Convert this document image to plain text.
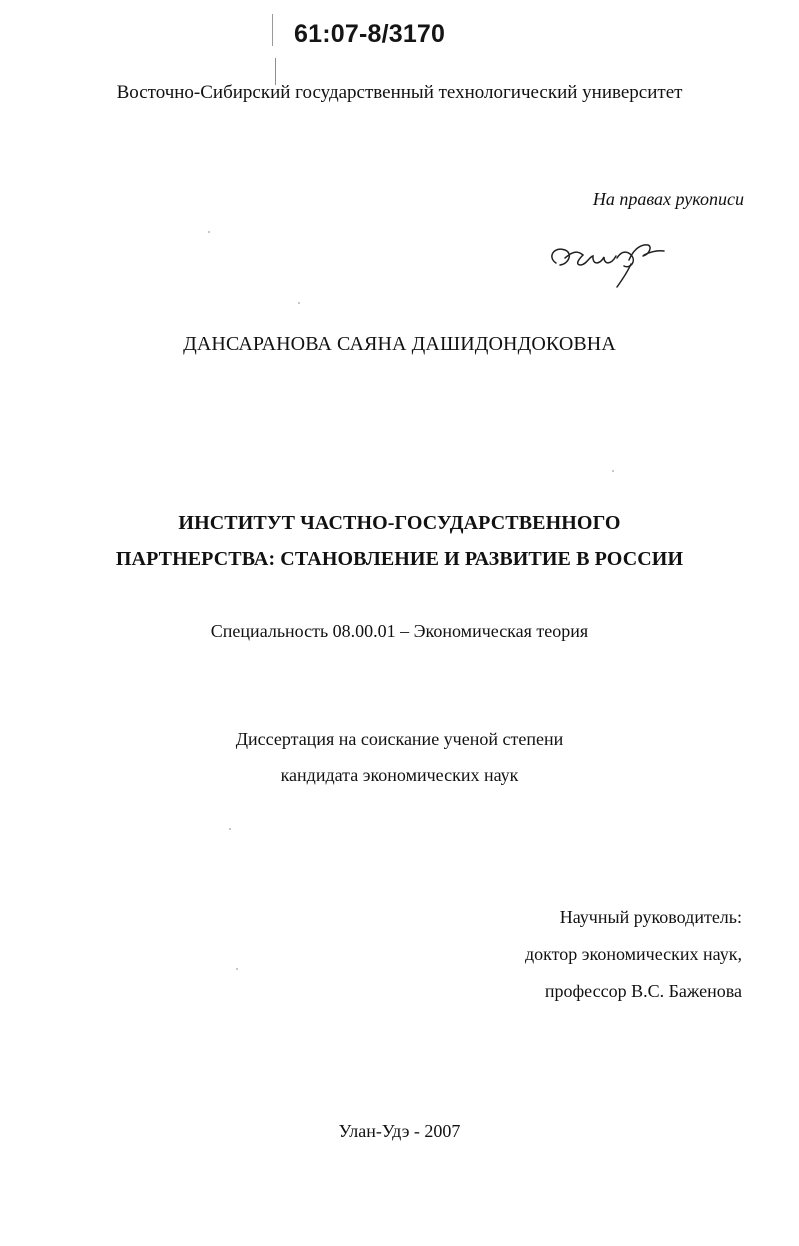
61:07-8/3170
Восточно-Сибирский государственный технологический университет
На правах рукописи
ДАНСАРАНОВА САЯНА ДАШИДОНДОКОВНА
ИНСТИТУТ ЧАСТНО-ГОСУДАРСТВЕННОГО
ПАРТНЕРСТВА: СТАНОВЛЕНИЕ И РАЗВИТИЕ В РОССИИ
Специальность 08.00.01 – Экономическая теория
Диссертация на соискание ученой степени
кандидата экономических наук
Научный руководитель:
доктор экономических наук,
профессор В.С. Баженова
Улан-Удэ - 2007
